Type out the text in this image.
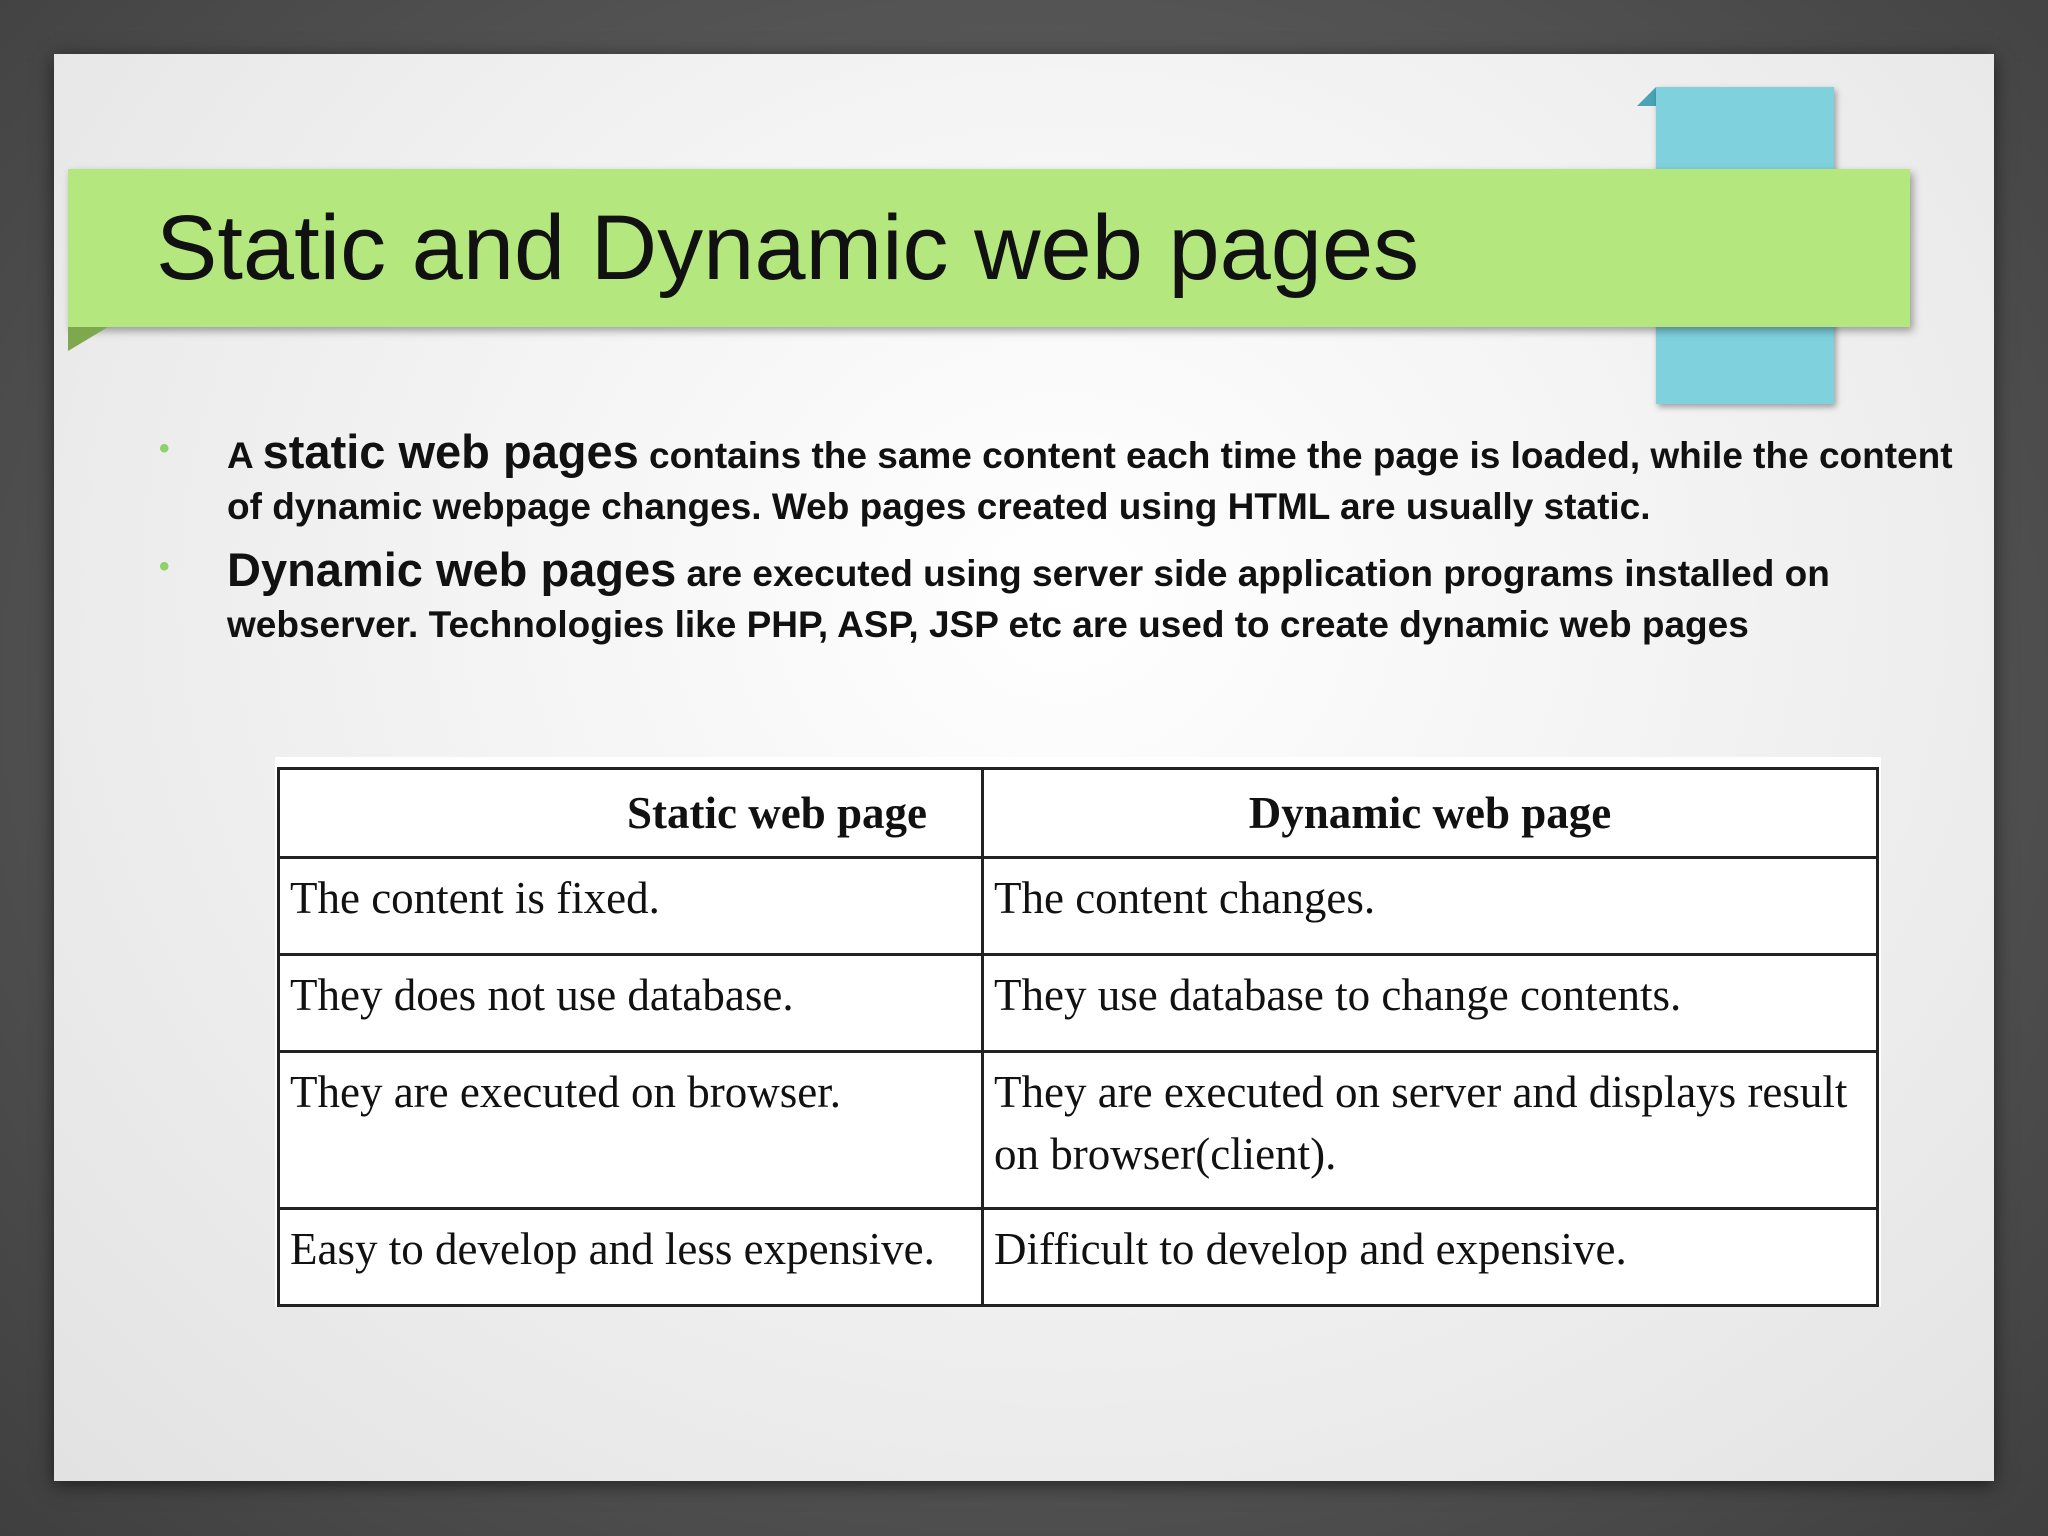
Static and Dynamic web pages
• A static web pages contains the same content each time the page is loaded, while the content of dynamic webpage changes. Web pages created using HTML are usually static.
• Dynamic web pages are executed using server side application programs installed on webserver. Technologies like PHP, ASP, JSP etc are used to create dynamic web pages
Static web page	Dynamic web page
The content is fixed.	The content changes.
They does not use database.	They use database to change contents.
They are executed on browser.	They are executed on server and displays result on browser(client).
Easy to develop and less expensive.	Difficult to develop and expensive.
